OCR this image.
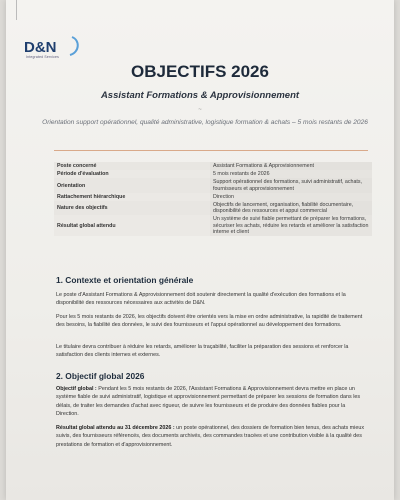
D&N
Integrated Services
OBJECTIFS 2026
Assistant Formations & Approvisionnement
~
Orientation support opérationnel, qualité administrative, logistique formation & achats – 5 mois restants de 2026
Poste concerné	Assistant Formations & Approvisionnement
Période d'évaluation	5 mois restants de 2026
Orientation	Support opérationnel des formations, suivi administratif, achats, fournisseurs et approvisionnement
Rattachement hiérarchique	Direction
Nature des objectifs	Objectifs de lancement, organisation, fiabilité documentaire, disponibilité des ressources et appui commercial
Résultat global attendu	Un système de suivi fiable permettant de préparer les formations, sécuriser les achats, réduire les retards et améliorer la satisfaction interne et client
1. Contexte et orientation générale

Le poste d'Assistant Formations & Approvisionnement doit soutenir directement la qualité d'exécution des formations et la disponibilité des ressources nécessaires aux activités de D&N.

Pour les 5 mois restants de 2026, les objectifs doivent être orientés vers la mise en ordre administrative, la rapidité de traitement des besoins, la fiabilité des données, le suivi des fournisseurs et l'appui opérationnel au développement des formations.

Le titulaire devra contribuer à réduire les retards, améliorer la traçabilité, faciliter la préparation des sessions et renforcer la satisfaction des clients internes et externes.

2. Objectif global 2026

Objectif global : Pendant les 5 mois restants de 2026, l'Assistant Formations & Approvisionnement devra mettre en place un système fiable de suivi administratif, logistique et approvisionnement permettant de préparer les sessions de formation dans les délais, de traiter les demandes d'achat avec rigueur, de suivre les fournisseurs et de produire des données fiables pour la Direction.

Résultat global attendu au 31 décembre 2026 : un poste opérationnel, des dossiers de formation bien tenus, des achats mieux suivis, des fournisseurs référencés, des documents archivés, des commandes tracées et une contribution visible à la qualité des prestations de formation et d'approvisionnement.
